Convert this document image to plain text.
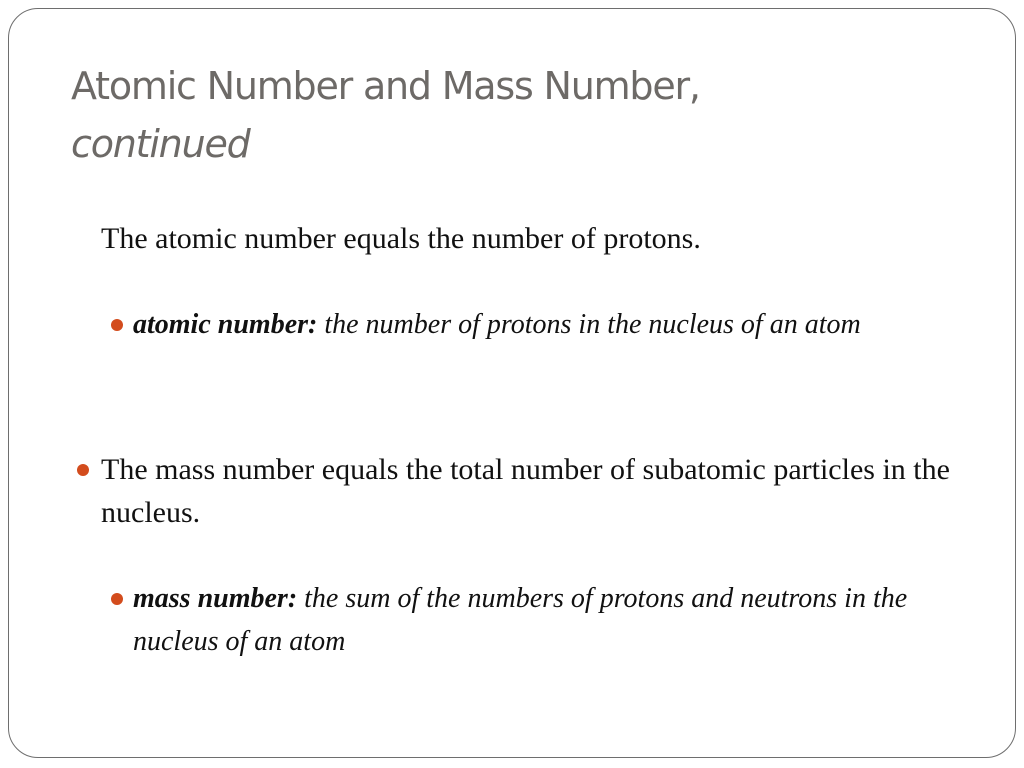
Atomic Number and Mass Number,
continued
The atomic number equals the number of protons.
atomic number: the number of protons in the nucleus of an atom
The mass number equals the total number of subatomic particles in the nucleus.
mass number: the sum of the numbers of protons and neutrons in the nucleus of an atom
